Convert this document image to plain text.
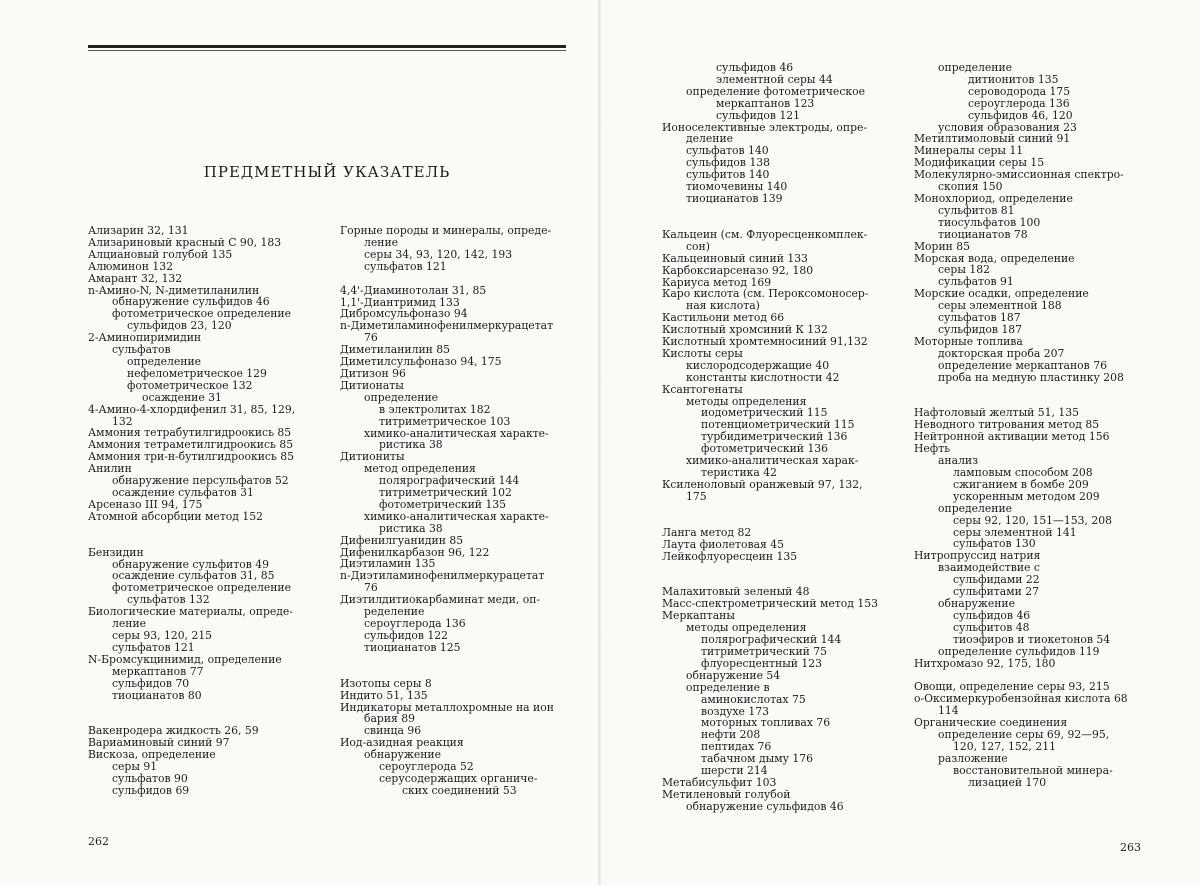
ПРЕДМЕТНЫЙ УКАЗАТЕЛЬ
Ализарин 32, 131
Ализариновый красный С 90, 183
Алциановый голубой 135
Алюминон 132
Амарант 32, 132
n-Амино-N, N-диметиланилин
обнаружение сульфидов 46
фотометрическое определение
сульфидов 23, 120
2-Аминопиримидин
сульфатов
определение
нефелометрическое 129
фотометрическое 132
осаждение 31
4-Амино-4-хлордифенил 31, 85, 129,
132
Аммония тетрабутилгидроокись 85
Аммония тетраметилгидроокись 85
Аммония три-н-бутилгидроокись 85
Анилин
обнаружение персульфатов 52
осаждение сульфатов 31
Арсеназо III 94, 175
Атомной абсорбции метод 152
Бензидин
обнаружение сульфитов 49
осаждение сульфатов 31, 85
фотометрическое определение
сульфатов 132
Биологические материалы, опреде-
ление
серы 93, 120, 215
сульфатов 121
N-Бромсукцинимид, определение
меркаптанов 77
сульфидов 70
тиоцианатов 80
Вакенродера жидкость 26, 59
Вариаминовый синий 97
Вискоза, определение
серы 91
сульфатов 90
сульфидов 69
Горные породы и минералы, опреде-
ление
серы 34, 93, 120, 142, 193
сульфатов 121
4,4'-Диаминотолан 31, 85
1,1'-Диантримид 133
Дибромсульфоназо 94
n-Диметиламинофенилмеркурацетат
76
Диметиланилин 85
Диметилсульфоназо 94, 175
Дитизон 96
Дитионаты
определение
в электролитах 182
титриметрическое 103
химико-аналитическая характе-
ристика 38
Дитиониты
метод определения
полярографический 144
титриметрический 102
фотометрический 135
химико-аналитическая характе-
ристика 38
Дифенилгуанидин 85
Дифенилкарбазон 96, 122
Диэтиламин 135
n-Диэтиламинофенилмеркурацетат
76
Диэтилдитиокарбаминат меди, оп-
ределение
сероуглерода 136
сульфидов 122
тиоцианатов 125
Изотопы серы 8
Индито 51, 135
Индикаторы металлохромные на ион
бария 89
свинца 96
Иод-азидная реакция
обнаружение
сероуглерода 52
серусодержащих органиче-
ских соединений 53
262
сульфидов 46
элементной серы 44
определение фотометрическое
меркаптанов 123
сульфидов 121
Ионоселективные электроды, опре-
деление
сульфатов 140
сульфидов 138
сульфитов 140
тиомочевины 140
тиоцианатов 139
Кальцеин (см. Флуоресценкомплек-
сон)
Кальцеиновый синий 133
Карбоксиарсеназо 92, 180
Кариуса метод 169
Каро кислота (см. Пероксомоносер-
ная кислота)
Кастильони метод 66
Кислотный хромсиний К 132
Кислотный хромтемносиний 91,132
Кислоты серы
кислородсодержащие 40
константы кислотности 42
Ксантогенаты
методы определения
иодометрический 115
потенциометрический 115
турбидиметрический 136
фотометрический 136
химико-аналитическая харак-
теристика 42
Ксиленоловый оранжевый 97, 132,
175
Ланга метод 82
Лаута фиолетовая 45
Лейкофлуоресцеин 135
Малахитовый зеленый 48
Масс-спектрометрический метод 153
Меркаптаны
методы определения
полярографический 144
титриметрический 75
флуоресцентный 123
обнаружение 54
определение в
аминокислотах 75
воздухе 173
моторных топливах 76
нефти 208
пептидах 76
табачном дыму 176
шерсти 214
Метабисульфит 103
Метиленовый голубой
обнаружение сульфидов 46
определение
дитионитов 135
сероводорода 175
сероуглерода 136
сульфидов 46, 120
условия образования 23
Метилтимоловый синий 91
Минералы серы 11
Модификации серы 15
Молекулярно-эмиссионная спектро-
скопия 150
Монохлориод, определение
сульфитов 81
тиосульфатов 100
тиоцианатов 78
Морин 85
Морская вода, определение
серы 182
сульфатов 91
Морские осадки, определение
серы элементной 188
сульфатов 187
сульфидов 187
Моторные топлива
докторская проба 207
определение меркаптанов 76
проба на медную пластинку 208
Нафтоловый желтый 51, 135
Неводного титрования метод 85
Нейтронной активации метод 156
Нефть
анализ
ламповым способом 208
сжиганием в бомбе 209
ускоренным методом 209
определение
серы 92, 120, 151—153, 208
серы элементной 141
сульфатов 130
Нитропруссид натрия
взаимодействие с
сульфидами 22
сульфитами 27
обнаружение
сульфидов 46
сульфитов 48
тиоэфиров и тиокетонов 54
определение сульфидов 119
Нитхромазо 92, 175, 180
Овощи, определение серы 93, 215
о-Оксимеркуробензойная кислота 68
114
Органические соединения
определение серы 69, 92—95,
120, 127, 152, 211
разложение
восстановительной минера-
лизацией 170
263
